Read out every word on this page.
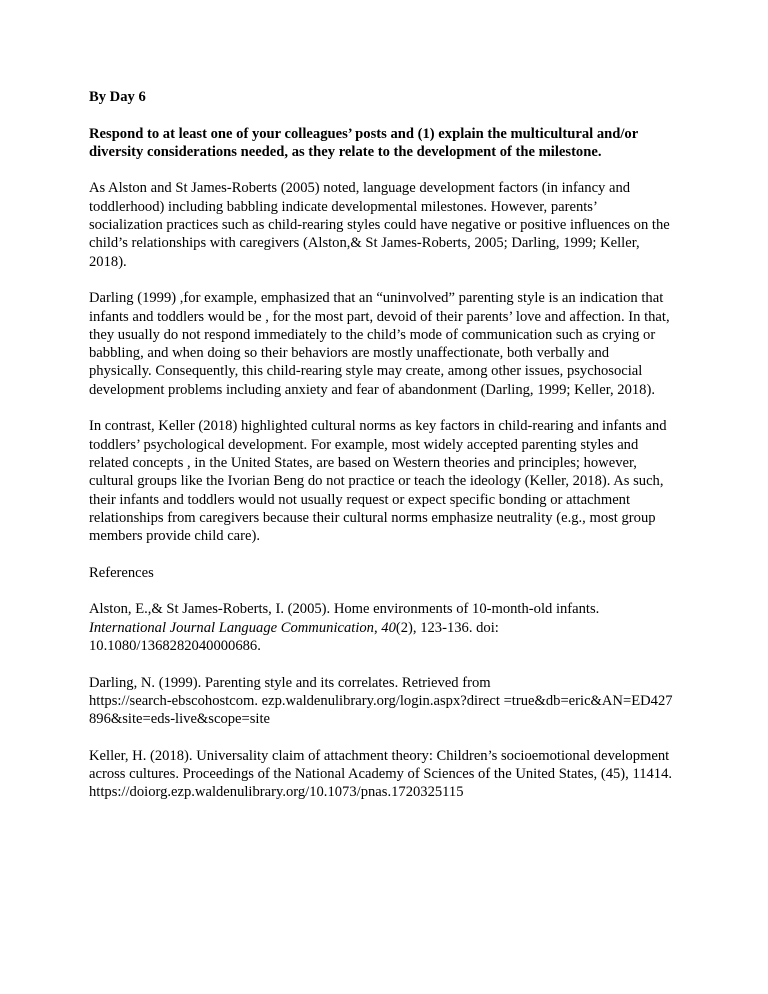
By Day 6

Respond to at least one of your colleagues’ posts and (1) explain the multicultural and/or diversity considerations needed, as they relate to the development of the milestone.

As Alston and St James-Roberts (2005) noted, language development factors (in infancy and toddlerhood) including babbling indicate developmental milestones. However, parents’ socialization practices such as child-rearing styles could have negative or positive influences on the child’s relationships with caregivers (Alston,& St James-Roberts, 2005; Darling, 1999; Keller, 2018).

Darling (1999) ,for example, emphasized that an “uninvolved” parenting style is an indication that infants and toddlers would be , for the most part, devoid of their parents’ love and affection. In that, they usually do not respond immediately to the child’s mode of communication such as crying or babbling, and when doing so their behaviors are mostly unaffectionate, both verbally and physically. Consequently, this child-rearing style may create, among other issues, psychosocial development problems including anxiety and fear of abandonment (Darling, 1999; Keller, 2018).

In contrast, Keller (2018) highlighted cultural norms as key factors in child-rearing and infants and toddlers’ psychological development. For example, most widely accepted parenting styles and related concepts , in the United States, are based on Western theories and principles; however, cultural groups like the Ivorian Beng do not practice or teach the ideology (Keller, 2018). As such, their infants and toddlers would not usually request or expect specific bonding or attachment relationships from caregivers because their cultural norms emphasize neutrality (e.g., most group members provide child care).

References

Alston, E.,& St James-Roberts, I. (2005). Home environments of 10-month-old infants. International Journal Language Communication, 40(2), 123-136. doi: 10.1080/1368282040000686.

Darling, N. (1999). Parenting style and its correlates. Retrieved from
https://search-ebscohostcom. ezp.waldenulibrary.org/login.aspx?direct =true&db=eric&AN=ED427896&site=eds-live&scope=site

Keller, H. (2018). Universality claim of attachment theory: Children’s socioemotional development across cultures. Proceedings of the National Academy of Sciences of the United States, (45), 11414. https://doiorg.ezp.waldenulibrary.org/10.1073/pnas.1720325115
